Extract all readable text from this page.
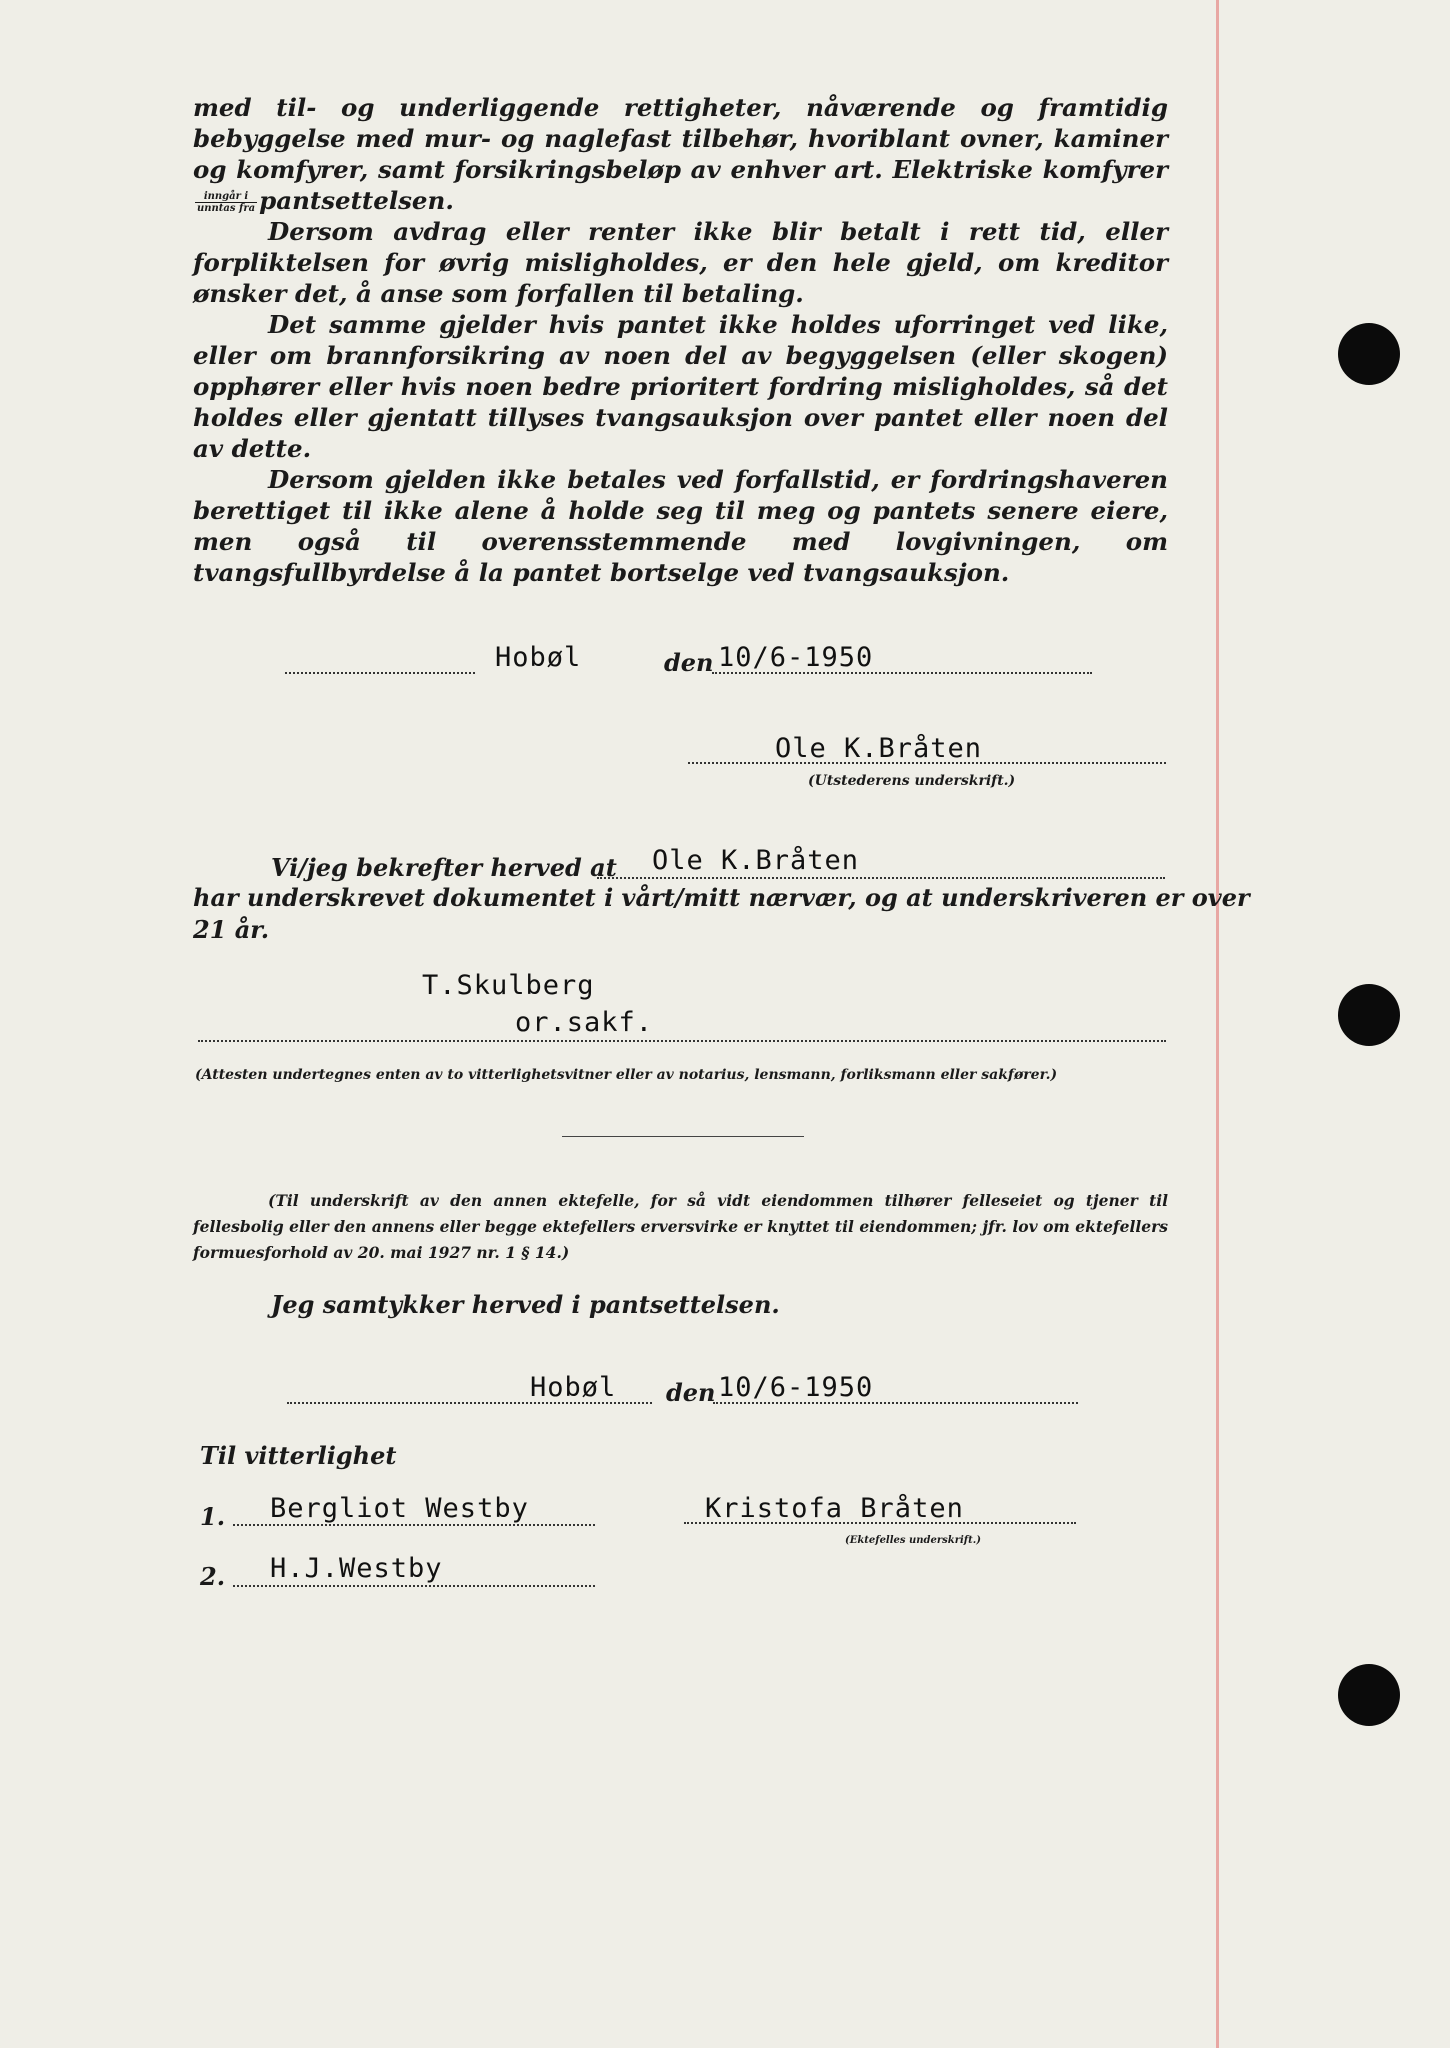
med til- og underliggende rettigheter, nåværende og framtidig bebyggelse med mur- og naglefast tilbehør, hvoriblant ovner, kaminer og komfyrer, samt forsikringsbeløp av enhver art. Elektriske komfyrer
$\frac{\text{inngår i}}{\text{unntas fra}}$ pantsettelsen.

Dersom avdrag eller renter ikke blir betalt i rett tid, eller forpliktelsen for øvrig misligholdes, er den hele gjeld, om kreditor ønsker det, å anse som forfallen til betaling.

Det samme gjelder hvis pantet ikke holdes uforringet ved like, eller om brannforsikring av noen del av begyggelsen (eller skogen) opphører eller hvis noen bedre prioritert fordring misligholdes, så det holdes eller gjentatt tillyses tvangsauksjon over pantet eller noen del av dette.

Dersom gjelden ikke betales ved forfallstid, er fordringshaveren berettiget til ikke alene å holde seg til meg og pantets senere eiere, men også til overensstemmende med lovgivningen, om tvangsfullbyrdelse å la pantet bortselge ved tvangsauksjon.

Hobøl	den 10/6-1950
Ole K.Bråten
(Utstederens underskrift.)
Vi/jeg bekrefter herved at Ole K.Bråten
har underskrevet dokumentet i vårt/mitt nærvær, og at underskriveren er over
21 år.
T.Skulberg
or.sakf.
(Attesten undertegnes enten av to vitterlighetsvitner eller av notarius, lensmann, forliksmann eller sakfører.)

(Til underskrift av den annen ektefelle, for så vidt eiendommen tilhører felleseiet og tjener til fellesbolig eller den annens eller begge ektefellers erversvirke er knyttet til eiendommen; jfr. lov om ektefellers formuesforhold av 20. mai 1927 nr. 1 § 14.)

Jeg samtykker herved i pantsettelsen.
Hobøl den 10/6-1950
Til vitterlighet
1. Bergliot Westby	Kristofa Bråten
(Ektefelles underskrift.)
2. H.J.Westby
